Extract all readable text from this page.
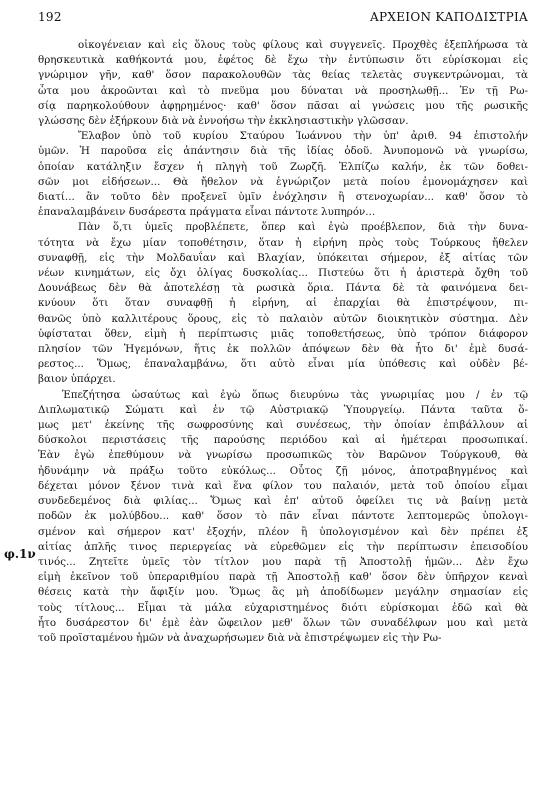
192	ΑΡΧΕΙΟΝ ΚΑΠΟΔΙΣΤΡΙΑ
φ.1ν
οἰκογένειαν καὶ εἰς ὅλους τοὺς φίλους καὶ συγγενεῖς. Προχθὲς ἐξεπλήρωσα τὰ
θρησκευτικὰ καθήκοντά μου, ἐφέτος δὲ ἔχω τὴν ἐντύπωσιν ὅτι εὑρίσκομαι εἰς
γνώριμον γῆν, καθ' ὅσον παρακολουθῶν τὰς θείας τελετὰς συγκεντρώνομαι, τὰ
ὦτα μου ἀκροῶνται καὶ τὸ πνεῦμα μου δύναται νὰ προσηλωθῇ... Ἐν τῇ Ρω-
σίᾳ παρηκολούθουν ἀφῃρημένος· καθ' ὅσον πᾶσαι αἱ γνώσεις μου τῆς ρωσικῆς
γλώσσης δὲν ἐξήρκουν διὰ νὰ ἐννοήσω τὴν ἐκκλησιαστικὴν γλῶσσαν.
Ἔλαβον ὑπὸ τοῦ κυρίου Σταύρου Ἰωάννου τὴν ὑπ' ἀριθ. 94 ἐπιστολήν
ὑμῶν. Ἡ παροῦσα εἰς ἀπάντησιν διὰ τῆς ἰδίας ὁδοῦ. Ἀνυπομονῶ νὰ γνωρίσω,
ὁποίαν κατάληξιν ἔσχεν ἡ πληγὴ τοῦ Ζωρζῆ. Ἐλπίζω καλήν, ἐκ τῶν δοθει-
σῶν μοι εἰδήσεων... Θὰ ἤθελον νὰ ἐγνώριζον μετὰ ποίου ἐμονομάχησεν καὶ
διατί... ἂν τοῦτο δὲν προξενεῖ ὑμῖν ἐνόχλησιν ἢ στενοχωρίαν... καθ' ὅσον τὸ
ἐπαναλαμβάνειν δυσάρεστα πράγματα εἶναι πάντοτε λυπηρόν...
Πὰν ὅ,τι ὑμεῖς προβλέπετε, ὅπερ καὶ ἐγὼ προέβλεπον, διὰ τὴν δυνα-
τότητα νὰ ἔχω μίαν τοποθέτησιν, ὅταν ἡ εἰρήνη πρὸς τοὺς Τούρκους ἤθελεν
συναφθῇ, εἰς τὴν Μολδαυΐαν καὶ Βλαχίαν, ὑπόκειται σήμερον, ἐξ αἰτίας τῶν
νέων κινημάτων, εἰς ὄχι ὀλίγας δυσκολίας... Πιστεύω ὅτι ἡ ἀριστερὰ ὄχθη τοῦ
Δουνάβεως δὲν θὰ ἀποτελέσῃ τὰ ρωσικὰ ὅρια. Πάντα δὲ τὰ φαινόμενα δει-
κνύουν ὅτι ὅταν συναφθῇ ἡ εἰρήνη, αἱ ἐπαρχίαι θὰ ἐπιστρέψουν, πι-
θανῶς ὑπὸ καλλιτέρους ὅρους, εἰς τὸ παλαιὸν αὐτῶν διοικητικὸν σύστημα. Δὲν
ὑφίσταται ὅθεν, εἰμὴ ἡ περίπτωσις μιᾶς τοποθετήσεως, ὑπὸ τρόπον διάφορον
πλησίον τῶν Ἡγεμόνων, ἥτις ἐκ πολλῶν ἀπόψεων δὲν θὰ ἦτο δι' ἐμὲ δυσά-
ρεστος... Ὅμως, ἐπαναλαμβάνω, ὅτι αὐτὸ εἶναι μία ὑπόθεσις καὶ οὐδὲν βέ-
βαιον ὑπάρχει.
Ἐπεζήτησα ὡσαύτως καὶ ἐγὼ ὅπως διευρύνω τὰς γνωριμίας μου / ἐν τῷ
Διπλωματικῷ Σώματι καὶ ἐν τῷ Αὐστριακῷ Ὑπουργείῳ. Πάντα ταῦτα ὅ-
μως μετ' ἐκείνης τῆς σωφροσύνης καὶ συνέσεως, τὴν ὁποίαν ἐπιβάλλουν αἱ
δύσκολοι περιστάσεις τῆς παρούσης περιόδου καὶ αἱ ἡμέτεραι προσωπικαί.
Ἐὰν ἐγὼ ἐπεθύμουν νὰ γνωρίσω προσωπικῶς τὸν Βαρῶνον Τούργκουθ, θὰ
ἠδυνάμην νὰ πράξω τοῦτο εὐκόλως... Οὗτος ζῇ μόνος, ἀποτραβηγμένος καὶ
δέχεται μόνον ξένον τινὰ καὶ ἕνα φίλον του παλαιόν, μετὰ τοῦ ὁποίου εἶμαι
συνδεδεμένος διὰ φιλίας... Ὅμως καὶ ἐπ' αὐτοῦ ὀφείλει τις νὰ βαίνῃ μετὰ
ποδῶν ἐκ μολύβδου... καθ' ὅσον τὸ πᾶν εἶναι πάντοτε λεπτομερῶς ὑπολογι-
σμένον καὶ σήμερον κατ' ἐξοχήν, πλέον ἢ ὑπολογισμένον καὶ δὲν πρέπει ἐξ
αἰτίας ἀπλῆς τινος περιεργείας νὰ εὑρεθῶμεν εἰς τὴν περίπτωσιν ἐπεισοδίου
τινός... Ζητεῖτε ὑμεῖς τὸν τίτλον μου παρὰ τῇ Ἀποστολῇ ἡμῶν... Δὲν ἔχω
εἰμὴ ἐκεῖνον τοῦ ὑπεραριθμίου παρὰ τῇ Ἀποστολῇ καθ' ὅσον δὲν ὑπῆρχον κεναὶ
θέσεις κατὰ τὴν ἄφιξίν μου. Ὅμως ἂς μὴ ἀποδίδωμεν μεγάλην σημασίαν εἰς
τοὺς τίτλους... Εἶμαι τὰ μάλα εὐχαριστημένος διότι εὑρίσκομαι ἐδῶ καὶ θὰ
ἦτο δυσάρεστον δι' ἐμὲ ἐὰν ὤφειλον μεθ' ὅλων τῶν συναδέλφων μου καὶ μετὰ
τοῦ προϊσταμένου ἡμῶν νὰ ἀναχωρήσωμεν διὰ νὰ ἐπιστρέψωμεν εἰς τὴν Ρω-
